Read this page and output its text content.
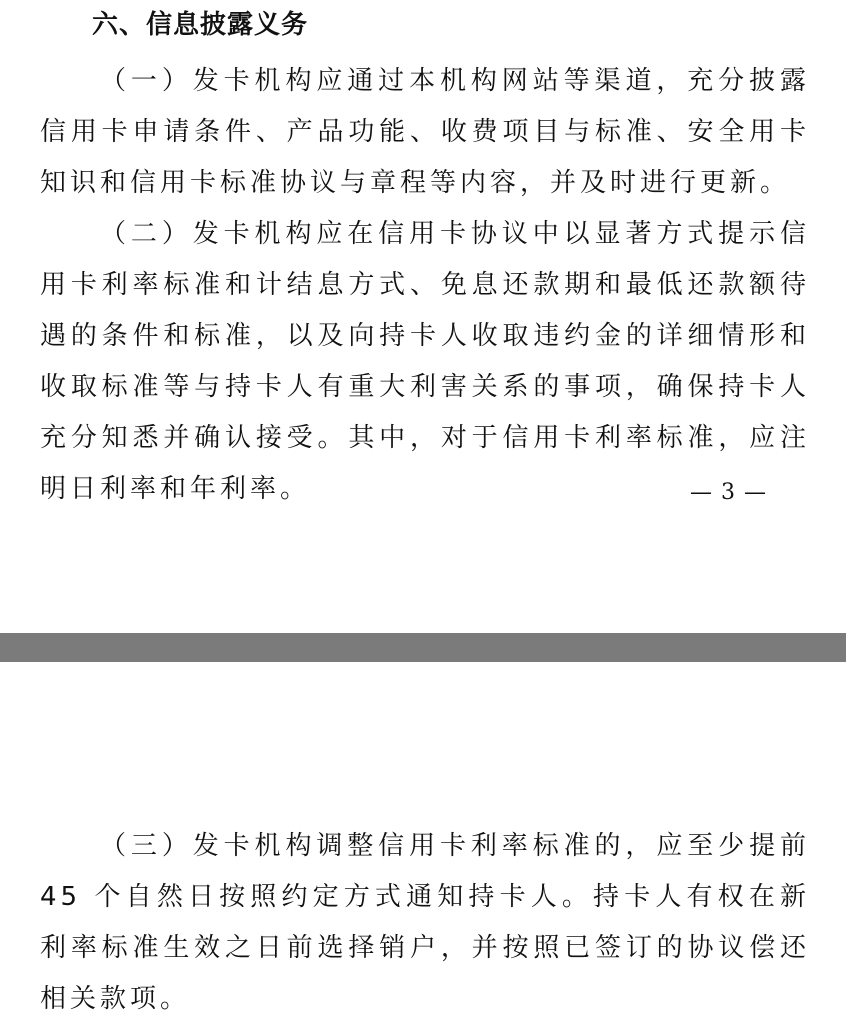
六、信息披露义务

（一）发卡机构应通过本机构网站等渠道，充分披露信用卡申请条件、产品功能、收费项目与标准、安全用卡知识和信用卡标准协议与章程等内容，并及时进行更新。

（二）发卡机构应在信用卡协议中以显著方式提示信用卡利率标准和计结息方式、免息还款期和最低还款额待遇的条件和标准，以及向持卡人收取违约金的详细情形和收取标准等与持卡人有重大利害关系的事项，确保持卡人充分知悉并确认接受。其中，对于信用卡利率标准，应注明日利率和年利率。	— 3 —

（三）发卡机构调整信用卡利率标准的，应至少提前 45 个自然日按照约定方式通知持卡人。持卡人有权在新利率标准生效之日前选择销户，并按照已签订的协议偿还相关款项。
